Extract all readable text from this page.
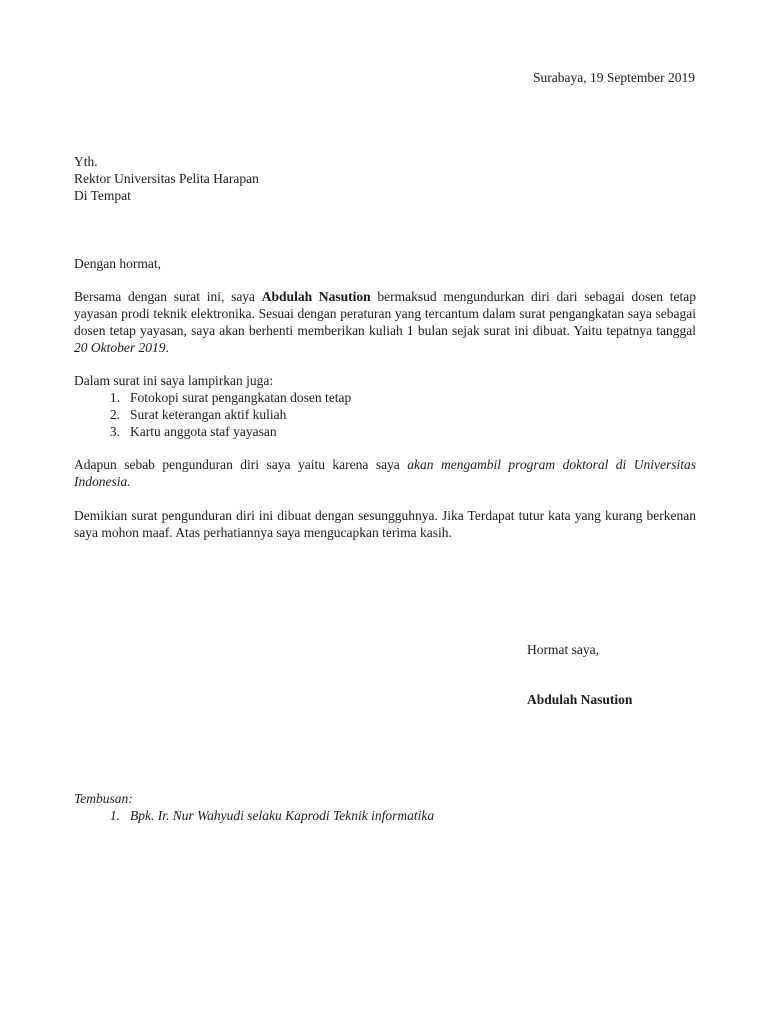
Surabaya, 19 September 2019
Yth.
Rektor Universitas Pelita Harapan
Di Tempat
Dengan hormat,
Bersama dengan surat ini, saya Abdulah Nasution bermaksud mengundurkan diri dari sebagai dosen tetap yayasan prodi teknik elektronika. Sesuai dengan peraturan yang tercantum dalam surat pengangkatan saya sebagai dosen tetap yayasan, saya akan berhenti memberikan kuliah 1 bulan sejak surat ini dibuat. Yaitu tepatnya tanggal 20 Oktober 2019.
Dalam surat ini saya lampirkan juga:
1. Fotokopi surat pengangkatan dosen tetap
2. Surat keterangan aktif kuliah
3. Kartu anggota staf yayasan
Adapun sebab pengunduran diri saya yaitu karena saya akan mengambil program doktoral di Universitas Indonesia.
Demikian surat pengunduran diri ini dibuat dengan sesungguhnya. Jika Terdapat tutur kata yang kurang berkenan saya mohon maaf. Atas perhatiannya saya mengucapkan terima kasih.
Hormat saya,
Abdulah Nasution
Tembusan:
1. Bpk. Ir. Nur Wahyudi selaku Kaprodi Teknik informatika
